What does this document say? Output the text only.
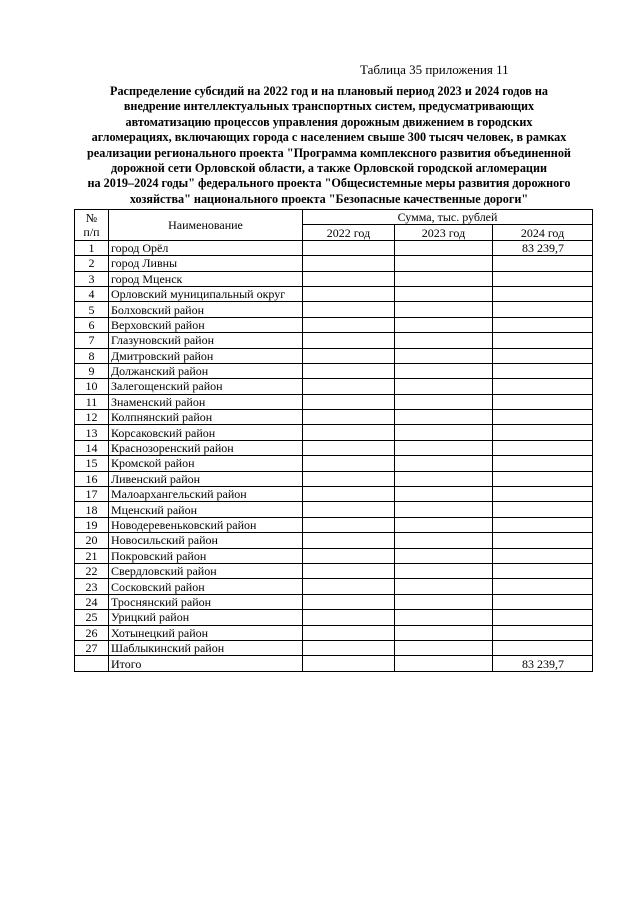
Таблица 35 приложения 11
Распределение субсидий на 2022 год и на плановый период 2023 и 2024 годов на
внедрение интеллектуальных транспортных систем, предусматривающих
автоматизацию процессов управления дорожным движением в городских
агломерациях, включающих города с населением свыше 300 тысяч человек, в рамках
реализации регионального проекта "Программа комплексного развития объединенной
дорожной сети Орловской области, а также Орловской городской агломерации
на 2019–2024 годы" федерального проекта "Общесистемные меры развития дорожного
хозяйства" национального проекта "Безопасные качественные дороги"
№
п/п	Наименование	Сумма, тыс. рублей		
		2022 год	2023 год	2024 год
1	город Орёл			83 239,7
2	город Ливны			
3	город Мценск			
4	Орловский муниципальный округ			
5	Болховский район			
6	Верховский район			
7	Глазуновский район			
8	Дмитровский район			
9	Должанский район			
10	Залегощенский район			
11	Знаменский район			
12	Колпнянский район			
13	Корсаковский район			
14	Краснозоренский район			
15	Кромской район			
16	Ливенский район			
17	Малоархангельский район			
18	Мценский район			
19	Новодеревеньковский район			
20	Новосильский район			
21	Покровский район			
22	Свердловский район			
23	Сосковский район			
24	Троснянский район			
25	Урицкий район			
26	Хотынецкий район			
27	Шаблыкинский район			
	Итого			83 239,7
